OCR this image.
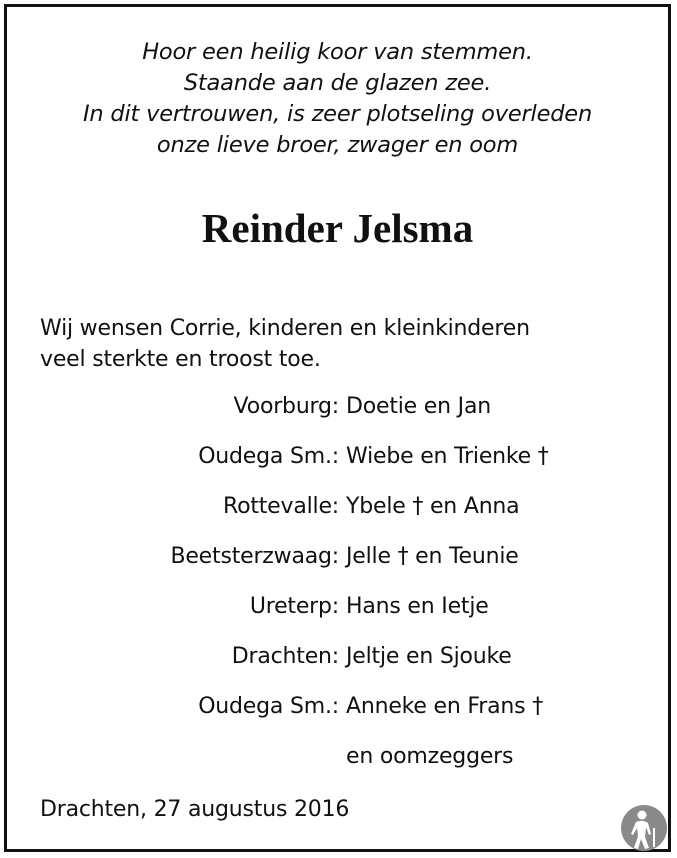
Hoor een heilig koor van stemmen.
Staande aan de glazen zee.
In dit vertrouwen, is zeer plotseling overleden
onze lieve broer, zwager en oom
Reinder Jelsma
Wij wensen Corrie, kinderen en kleinkinderen
veel sterkte en troost toe.
Voorburg: Doetie en Jan
Oudega Sm.: Wiebe en Trienke †
Rottevalle: Ybele † en Anna
Beetsterzwaag: Jelle † en Teunie
Ureterp: Hans en Ietje
Drachten: Jeltje en Sjouke
Oudega Sm.: Anneke en Frans †
en oomzeggers
Drachten, 27 augustus 2016
